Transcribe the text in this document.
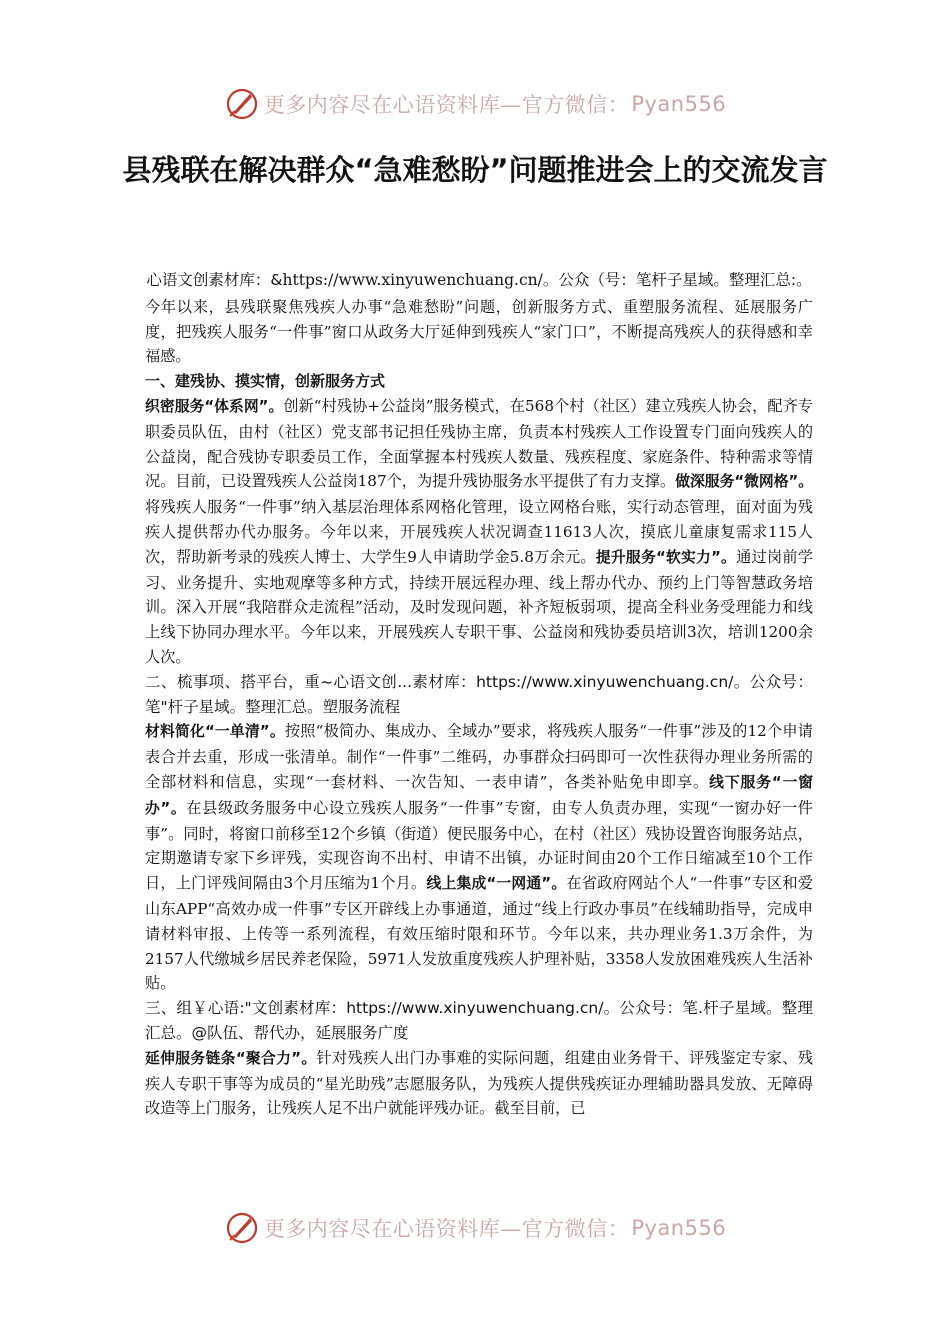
更多内容尽在心语资料库—官方微信： Pyan556
县残联在解决群众“急难愁盼”问题推进会上的交流发言
心语文创素材库：&https://www.xinyuwenchuang.cn/。公众（号：笔杆子星域。整理汇总:。

今年以来，县残联聚焦残疾人办事“急难愁盼”问题，创新服务方式、重塑服务流程、延展服务广度，把残疾人服务“一件事”窗口从政务大厅延伸到残疾人“家门口”，不断提高残疾人的获得感和幸福感。

一、建残协、摸实情，创新服务方式

织密服务“体系网”。创新“村残协+公益岗”服务模式，在568个村（社区）建立残疾人协会，配齐专职委员队伍，由村（社区）党支部书记担任残协主席，负责本村残疾人工作设置专门面向残疾人的公益岗，配合残协专职委员工作，全面掌握本村残疾人数量、残疾程度、家庭条件、特种需求等情况。目前，已设置残疾人公益岗187个，为提升残协服务水平提供了有力支撑。做深服务“微网格”。将残疾人服务“一件事”纳入基层治理体系网格化管理，设立网格台账，实行动态管理，面对面为残疾人提供帮办代办服务。今年以来，开展残疾人状况调查11613人次，摸底儿童康复需求115人次，帮助新考录的残疾人博士、大学生9人申请助学金5.8万余元。提升服务“软实力”。通过岗前学习、业务提升、实地观摩等多种方式，持续开展远程办理、线上帮办代办、预约上门等智慧政务培训。深入开展“我陪群众走流程”活动，及时发现问题，补齐短板弱项，提高全科业务受理能力和线上线下协同办理水平。今年以来，开展残疾人专职干事、公益岗和残协委员培训3次，培训1200余人次。

二、梳事项、搭平台，重~心语文创...素材库：https://www.xinyuwenchuang.cn/。公众号：笔"杆子星域。整理汇总。塑服务流程

材料简化“一单清”。按照“极简办、集成办、全域办”要求，将残疾人服务“一件事”涉及的12个申请表合并去重，形成一张清单。制作“一件事”二维码，办事群众扫码即可一次性获得办理业务所需的全部材料和信息，实现“一套材料、一次告知、一表申请”，各类补贴免申即享。线下服务“一窗办”。在县级政务服务中心设立残疾人服务“一件事”专窗，由专人负责办理，实现“一窗办好一件事”。同时，将窗口前移至12个乡镇（街道）便民服务中心，在村（社区）残协设置咨询服务站点，定期邀请专家下乡评残，实现咨询不出村、申请不出镇，办证时间由20个工作日缩减至10个工作日，上门评残间隔由3个月压缩为1个月。线上集成“一网通”。在省政府网站个人“一件事”专区和爱山东APP“高效办成一件事”专区开辟线上办事通道，通过“线上行政办事员”在线辅助指导，完成申请材料审报、上传等一系列流程，有效压缩时限和环节。今年以来，共办理业务1.3万余件，为2157人代缴城乡居民养老保险，5971人发放重度残疾人护理补贴，3358人发放困难残疾人生活补贴。

三、组￥心语:"文创素材库：https://www.xinyuwenchuang.cn/。公众号：笔.杆子星域。整理汇总。@队伍、帮代办，延展服务广度

延伸服务链条“聚合力”。针对残疾人出门办事难的实际问题，组建由业务骨干、评残鉴定专家、残疾人专职干事等为成员的“星光助残”志愿服务队，为残疾人提供残疾证办理辅助器具发放、无障碍改造等上门服务，让残疾人足不出户就能评残办证。截至目前，已

更多内容尽在心语资料库—官方微信： Pyan556
